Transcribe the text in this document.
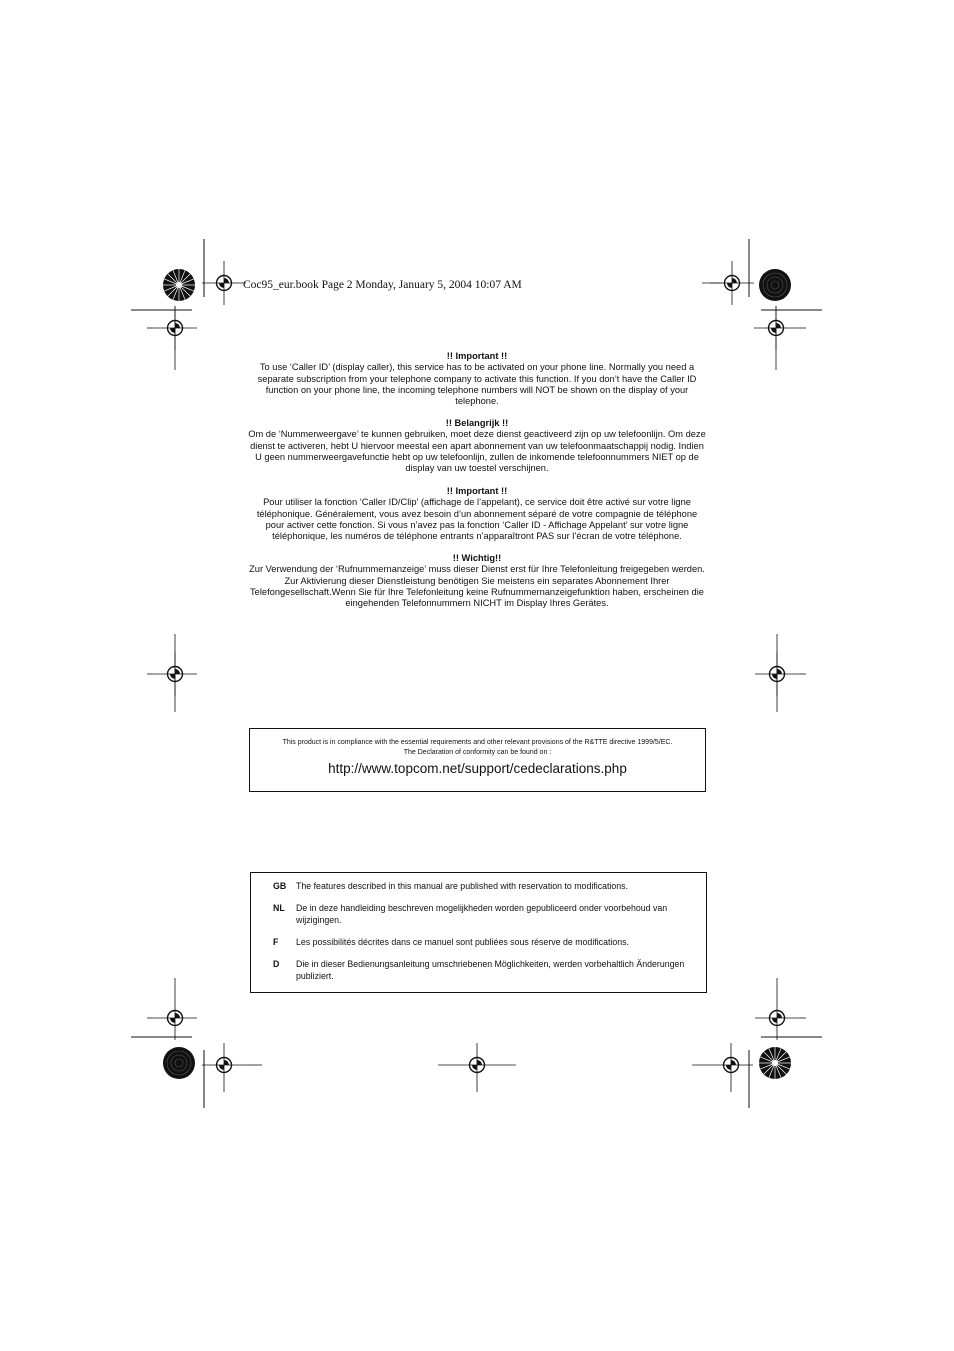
Coc95_eur.book Page 2 Monday, January 5, 2004 10:07 AM
!! Important !!
To use ‘Caller ID’ (display caller), this service has to be activated on your phone line. Normally you need a separate subscription from your telephone company to activate this function. If you don’t have the Caller ID function on your phone line, the incoming telephone numbers will NOT be shown on the display of your telephone.
!! Belangrijk !!
Om de ‘Nummerweergave’ te kunnen gebruiken, moet deze dienst geactiveerd zijn op uw telefoonlijn. Om deze dienst te activeren, hebt U hiervoor meestal een apart abonnement van uw telefoonmaatschappij nodig. Indien U geen nummerweergavefunctie hebt op uw telefoonlijn, zullen de inkomende telefoonnummers NIET op de display van uw toestel verschijnen.
!! Important !!
Pour utiliser la fonction ‘Caller ID/Clip’ (affichage de l’appelant), ce service doit être activé sur votre ligne téléphonique. Généralement, vous avez besoin d’un abonnement séparé de votre compagnie de téléphone pour activer cette fonction. Si vous n’avez pas la fonction ‘Caller ID - Affichage Appelant’ sur votre ligne téléphonique, les numéros de téléphone entrants n’apparaîtront PAS sur l’écran de votre téléphone.
!! Wichtig!!
Zur Verwendung der ‘Rufnummernanzeige’ muss dieser Dienst erst für Ihre Telefonleitung freigegeben werden. Zur Aktivierung dieser Dienstleistung benötigen Sie meistens ein separates Abonnement Ihrer Telefongesellschaft.Wenn Sie für Ihre Telefonleitung keine Rufnummernanzeigefunktion haben, erscheinen die eingehenden Telefonnummern NICHT im Display Ihres Gerätes.
This product is in compliance with the essential requirements and other relevant provisions of the R&TTE directive 1999/5/EC.
The Declaration of conformity can be found on :
http://www.topcom.net/support/cedeclarations.php
GB The features described in this manual are published with reservation to modifications.
NL De in deze handleiding beschreven mogelijkheden worden gepubliceerd onder voorbehoud van wijzigingen.
F Les possibilités décrites dans ce manuel sont publiées sous réserve de modifications.
D Die in dieser Bedienungsanleitung umschriebenen Möglichkeiten, werden vorbehaltlich Änderungen publiziert.
